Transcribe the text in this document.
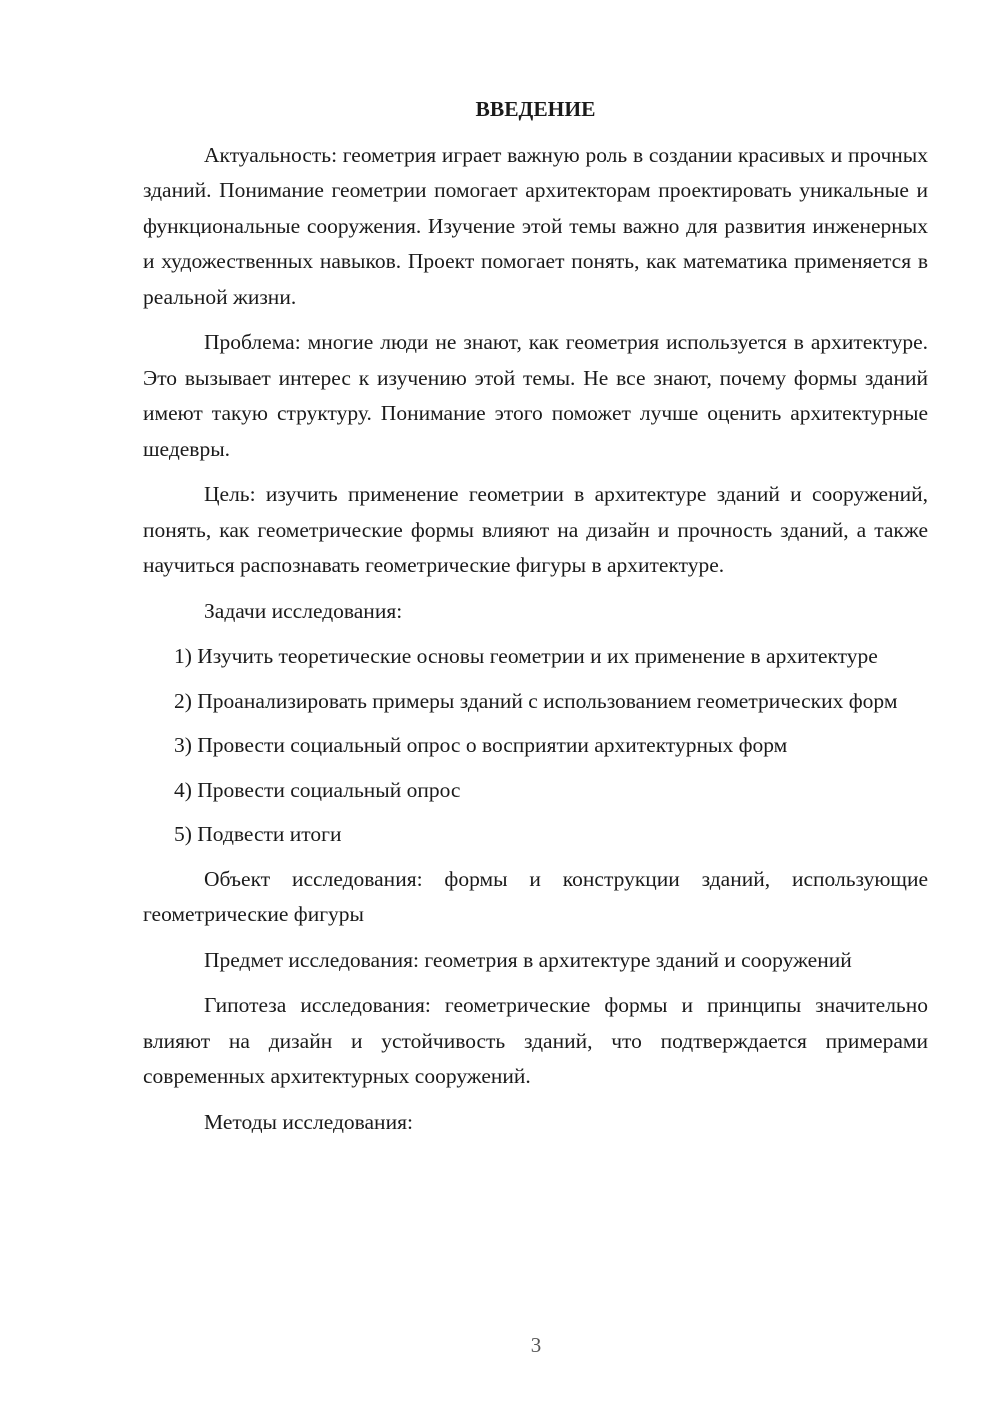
ВВЕДЕНИЕ

Актуальность: геометрия играет важную роль в создании красивых и прочных зданий. Понимание геометрии помогает архитекторам проектировать уникальные и функциональные сооружения. Изучение этой темы важно для развития инженерных и художественных навыков. Проект помогает понять, как математика применяется в реальной жизни.

Проблема: многие люди не знают, как геометрия используется в архитектуре. Это вызывает интерес к изучению этой темы. Не все знают, почему формы зданий имеют такую структуру. Понимание этого поможет лучше оценить архитектурные шедевры.

Цель: изучить применение геометрии в архитектуре зданий и сооружений, понять, как геометрические формы влияют на дизайн и прочность зданий, а также научиться распознавать геометрические фигуры в архитектуре.

Задачи исследования:

1) Изучить теоретические основы геометрии и их применение в архитектуре

2) Проанализировать примеры зданий с использованием геометрических форм

3) Провести социальный опрос о восприятии архитектурных форм

4) Провести социальный опрос

5) Подвести итоги

Объект исследования: формы и конструкции зданий, использующие геометрические фигуры

Предмет исследования: геометрия в архитектуре зданий и сооружений

Гипотеза исследования: геометрические формы и принципы значительно влияют на дизайн и устойчивость зданий, что подтверждается примерами современных архитектурных сооружений.

Методы исследования:

3
